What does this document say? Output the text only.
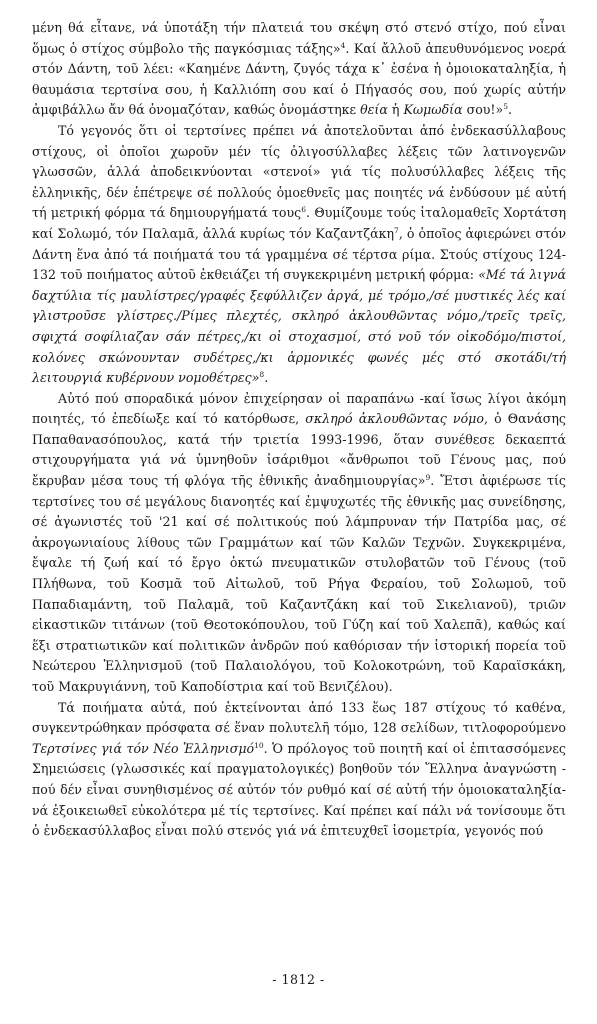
μένη θά εἶτανε, νά ὑποτάξη τήν πλατειά του σκέψη στό στενό στίχο, πού εἶναι ὅμως ὁ στίχος σύμβολο τῆς παγκόσμιας τάξης»$^4$. Καί ἄλλοῦ ἀπευθυνόμενος νοερά στόν Δάντη, τοῦ λέει: «Καημένε Δάντη, ζυγός τάχα κ᾽ ἐσένα ἡ ὁμοιοκαταληξία, ἡ θαυμάσια τερτσίνα σου, ἡ Καλλιόπη σου καί ὁ Πήγασός σου, πού χωρίς αὐτήν ἀμφιβάλλω ἄν θά ὀνομαζόταν, καθώς ὀνομάστηκε θεία ἡ Κωμωδία σου!»$^5$.

Τό γεγονός ὅτι οἱ τερτσίνες πρέπει νά ἀποτελοῦνται ἀπό ἑνδεκασύλλαβους στίχους, οἱ ὁποῖοι χωροῦν μέν τίς ὀλιγοσύλλαβες λέξεις τῶν λατινογενῶν γλωσσῶν, ἀλλά ἀποδεικνύονται «στενοί» γιά τίς πολυσύλλαβες λέξεις τῆς ἑλληνικῆς, δέν ἐπέτρεψε σέ πολλούς ὁμοεθνεῖς μας ποιητές νά ἐνδύσουν μέ αὐτή τή μετρική φόρμα τά δημιουργήματά τους$^6$. Θυμίζουμε τούς ἰταλομαθεῖς Χορτάτση καί Σολωμό, τόν Παλαμᾶ, ἀλλά κυρίως τόν Καζαντζάκη$^7$, ὁ ὁποῖος ἀφιερώνει στόν Δάντη ἕνα ἀπό τά ποιήματά του τά γραμμένα σέ τέρτσα ρίμα. Στούς στίχους 124-132 τοῦ ποιήματος αὐτοῦ ἐκθειάζει τή συγκεκριμένη μετρική φόρμα: «Μέ τά λιγνά δαχτύλια τίς μαυλίστρες/γραφές ξεφύλλιζεν ἀργά, μέ τρόμο,/σέ μυστικές λές καί γλιστροῦσε γλίστρες./Ρίμες πλεχτές, σκληρό ἀκλουθῶντας νόμο,/τρεῖς τρεῖς, σφιχτά σοφίλιαζαν σάν πέτρες,/κι οἱ στοχασμοί, στό νοῦ τόν οἰκοδόμο/πιστοί, κολόνες σκώνουνταν συδέτρες,/κι ἁρμονικές φωνές μές στό σκοτάδι/τή λειτουργιά κυβέρνουν νομοθέτρες»$^8$.

Αὐτό πού σποραδικά μόνον ἐπιχείρησαν οἱ παραπάνω -καί ἴσως λίγοι ἀκόμη ποιητές, τό ἐπεδίωξε καί τό κατόρθωσε, σκληρό ἀκλουθῶντας νόμο, ὁ Θανάσης Παπαθανασόπουλος, κατά τήν τριετία 1993-1996, ὅταν συνέθεσε δεκαεπτά στιχουργήματα γιά νά ὑμνηθοῦν ἰσάριθμοι «ἄνθρωποι τοῦ Γένους μας, πού ἔκρυβαν μέσα τους τή φλόγα τῆς ἐθνικῆς ἀναδημιουργίας»$^9$. Ἔτσι ἀφιέρωσε τίς τερτσίνες του σέ μεγάλους διανοητές καί ἐμψυχωτές τῆς ἐθνικῆς μας συνείδησης, σέ ἀγωνιστές τοῦ '21 καί σέ πολιτικούς πού λάμπρυναν τήν Πατρίδα μας, σέ ἀκρογωνιαίους λίθους τῶν Γραμμάτων καί τῶν Καλῶν Τεχνῶν. Συγκεκριμένα, ἔψαλε τή ζωή καί τό ἔργο ὀκτώ πνευματικῶν στυλοβατῶν τοῦ Γένους (τοῦ Πλήθωνα, τοῦ Κοσμᾶ τοῦ Αἰτωλοῦ, τοῦ Ρήγα Φεραίου, τοῦ Σολωμοῦ, τοῦ Παπαδιαμάντη, τοῦ Παλαμᾶ, τοῦ Καζαντζάκη καί τοῦ Σικελιανοῦ), τριῶν εἰκαστικῶν τιτάνων (τοῦ Θεοτοκόπουλου, τοῦ Γύζη καί τοῦ Χαλεπᾶ), καθώς καί ἕξι στρατιωτικῶν καί πολιτικῶν ἀνδρῶν πού καθόρισαν τήν ἱστορική πορεία τοῦ Νεώτερου Ἑλληνισμοῦ (τοῦ Παλαιολόγου, τοῦ Κολοκοτρώνη, τοῦ Καραϊσκάκη, τοῦ Μακρυγιάννη, τοῦ Καποδίστρια καί τοῦ Βενιζέλου).

Τά ποιήματα αὐτά, πού ἐκτείνονται ἀπό 133 ἕως 187 στίχους τό καθένα, συγκεντρώθηκαν πρόσφατα σέ ἕναν πολυτελῆ τόμο, 128 σελίδων, τιτλοφορούμενο Τερτσίνες γιά τόν Νέο Ἑλληνισμό$^{10}$. Ὁ πρόλογος τοῦ ποιητῆ καί οἱ ἐπιτασσόμενες Σημειώσεις (γλωσσικές καί πραγματολογικές) βοηθοῦν τόν Ἕλληνα ἀναγνώστη - πού δέν εἶναι συνηθισμένος σέ αὐτόν τόν ρυθμό καί σέ αὐτή τήν ὁμοιοκαταληξία- νά ἐξοικειωθεῖ εὐκολότερα μέ τίς τερτσίνες. Καί πρέπει καί πάλι νά τονίσουμε ὅτι ὁ ἑνδεκασύλλαβος εἶναι πολύ στενός γιά νά ἐπιτευχθεῖ ἰσομετρία, γεγονός πού

- 1812 -
